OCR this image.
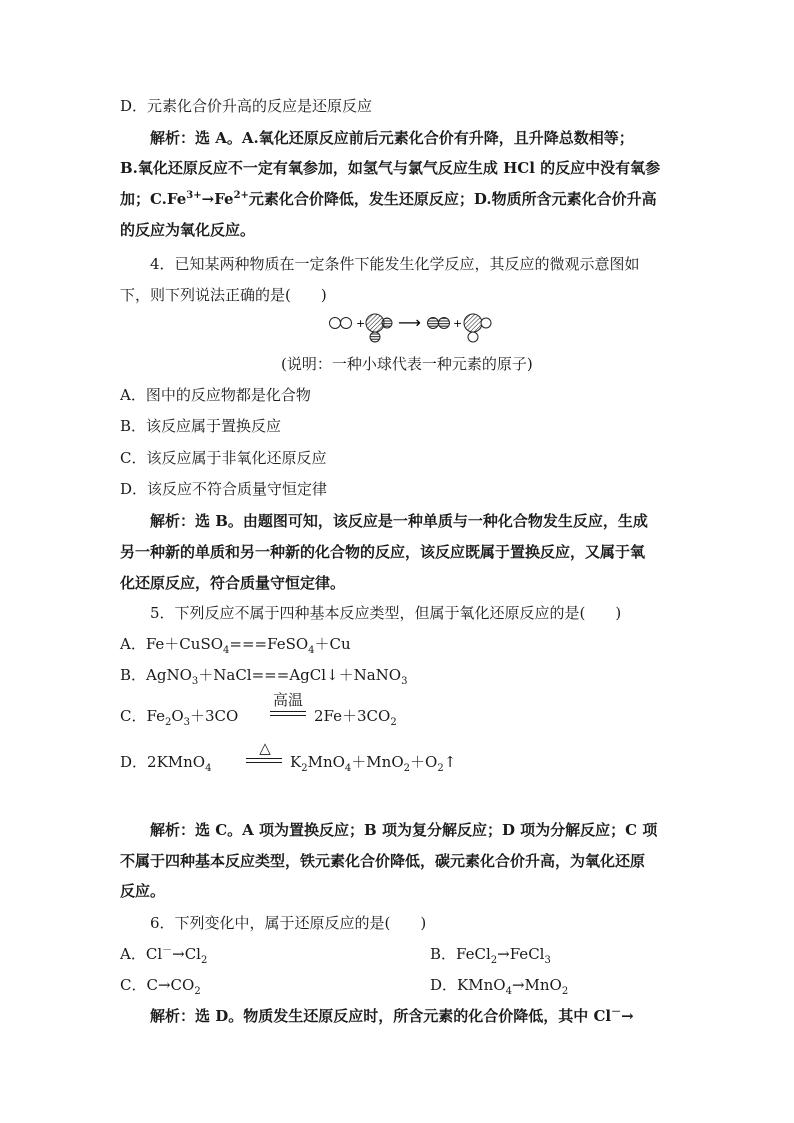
D．元素化合价升高的反应是还原反应
解析：选 A。A.氧化还原反应前后元素化合价有升降，且升降总数相等；
B.氧化还原反应不一定有氧参加，如氢气与氯气反应生成 HCl 的反应中没有氧参
加；$C.Fe^{3+}\to Fe^{2+}$元素化合价降低，发生还原反应；D.物质所含元素化合价升高
的反应为氧化反应。
4．已知某两种物质在一定条件下能发生化学反应，其反应的微观示意图如
下，则下列说法正确的是(　　)
+ ⟶	+
(说明：一种小球代表一种元素的原子)
A．图中的反应物都是化合物
B．该反应属于置换反应
C．该反应属于非氧化还原反应
D．该反应不符合质量守恒定律
解析：选 B。由题图可知，该反应是一种单质与一种化合物发生反应，生成
另一种新的单质和另一种新的化合物的反应，该反应既属于置换反应，又属于氧
化还原反应，符合质量守恒定律。
5．下列反应不属于四种基本反应类型，但属于氧化还原反应的是(　　)
A．Fe＋CuSO$_4$===FeSO$_4$＋Cu
B．AgNO$_3$＋NaCl===AgCl↓＋NaNO$_3$
C．$Fe_2O_3+3CO$
高温
$2Fe+3CO_2$
D．2KMnO$_4$
△
$K_2MnO_4+MnO_2+O_2↑$
解析：选 C。A 项为置换反应；B 项为复分解反应；D 项为分解反应；C 项
不属于四种基本反应类型，铁元素化合价降低，碳元素化合价升高，为氧化还原
反应。
6．下列变化中，属于还原反应的是(　　)
A．$Cl^-\to Cl_2$	B．FeCl$_2$→FeCl$_3$
C．$C\to CO_2$	D．KMnO$_4$→MnO$_2$
解析：选 D。物质发生还原反应时，所含元素的化合价降低，其中 Cl－→
